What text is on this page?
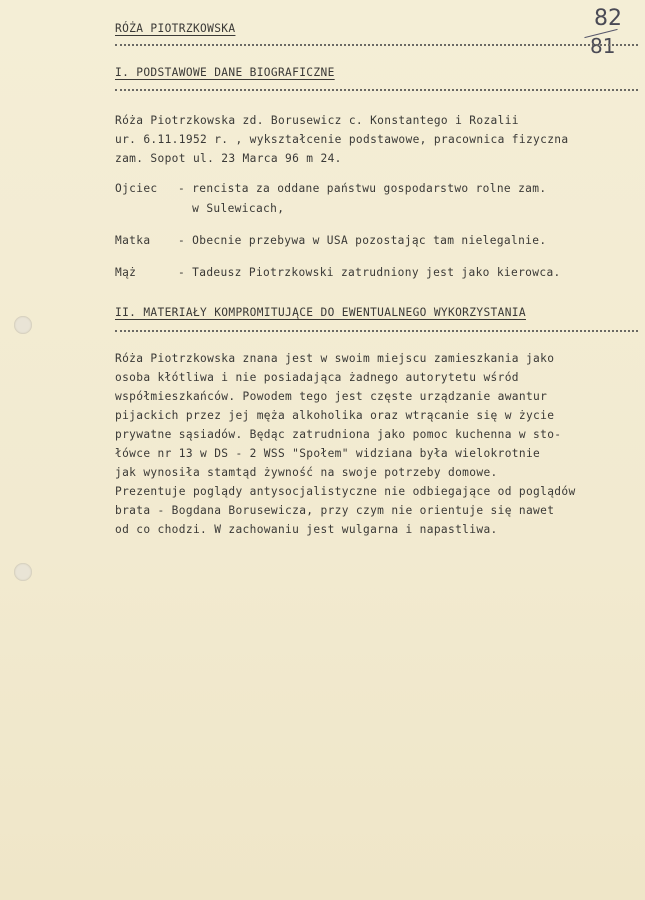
82
81
RÓŻA PIOTRZKOWSKA
I. PODSTAWOWE DANE BIOGRAFICZNE
Róża Piotrzkowska zd. Borusewicz c. Konstantego i Rozalii
ur. 6.11.1952 r. , wykształcenie podstawowe, pracownica fizyczna
zam. Sopot ul. 23 Marca 96 m 24.
Ojciec - rencista za oddane państwu gospodarstwo rolne zam.
w Sulewicach,
Matka - Obecnie przebywa w USA pozostając tam nielegalnie.
Mąż	- Tadeusz Piotrzkowski zatrudniony jest jako kierowca.
II. MATERIAŁY KOMPROMITUJĄCE DO EWENTUALNEGO WYKORZYSTANIA
Róża Piotrzkowska znana jest w swoim miejscu zamieszkania jako
osoba kłótliwa i nie posiadająca żadnego autorytetu wśród
współmieszkańców. Powodem tego jest częste urządzanie awantur
pijackich przez jej męża alkoholika oraz wtrącanie się w życie
prywatne sąsiadów. Będąc zatrudniona jako pomoc kuchenna w sto-
łówce nr 13 w DS - 2 WSS "Społem" widziana była wielokrotnie
jak wynosiła stamtąd żywność na swoje potrzeby domowe.
Prezentuje poglądy antysocjalistyczne nie odbiegające od poglądów
brata - Bogdana Borusewicza, przy czym nie orientuje się nawet
od co chodzi. W zachowaniu jest wulgarna i napastliwa.
